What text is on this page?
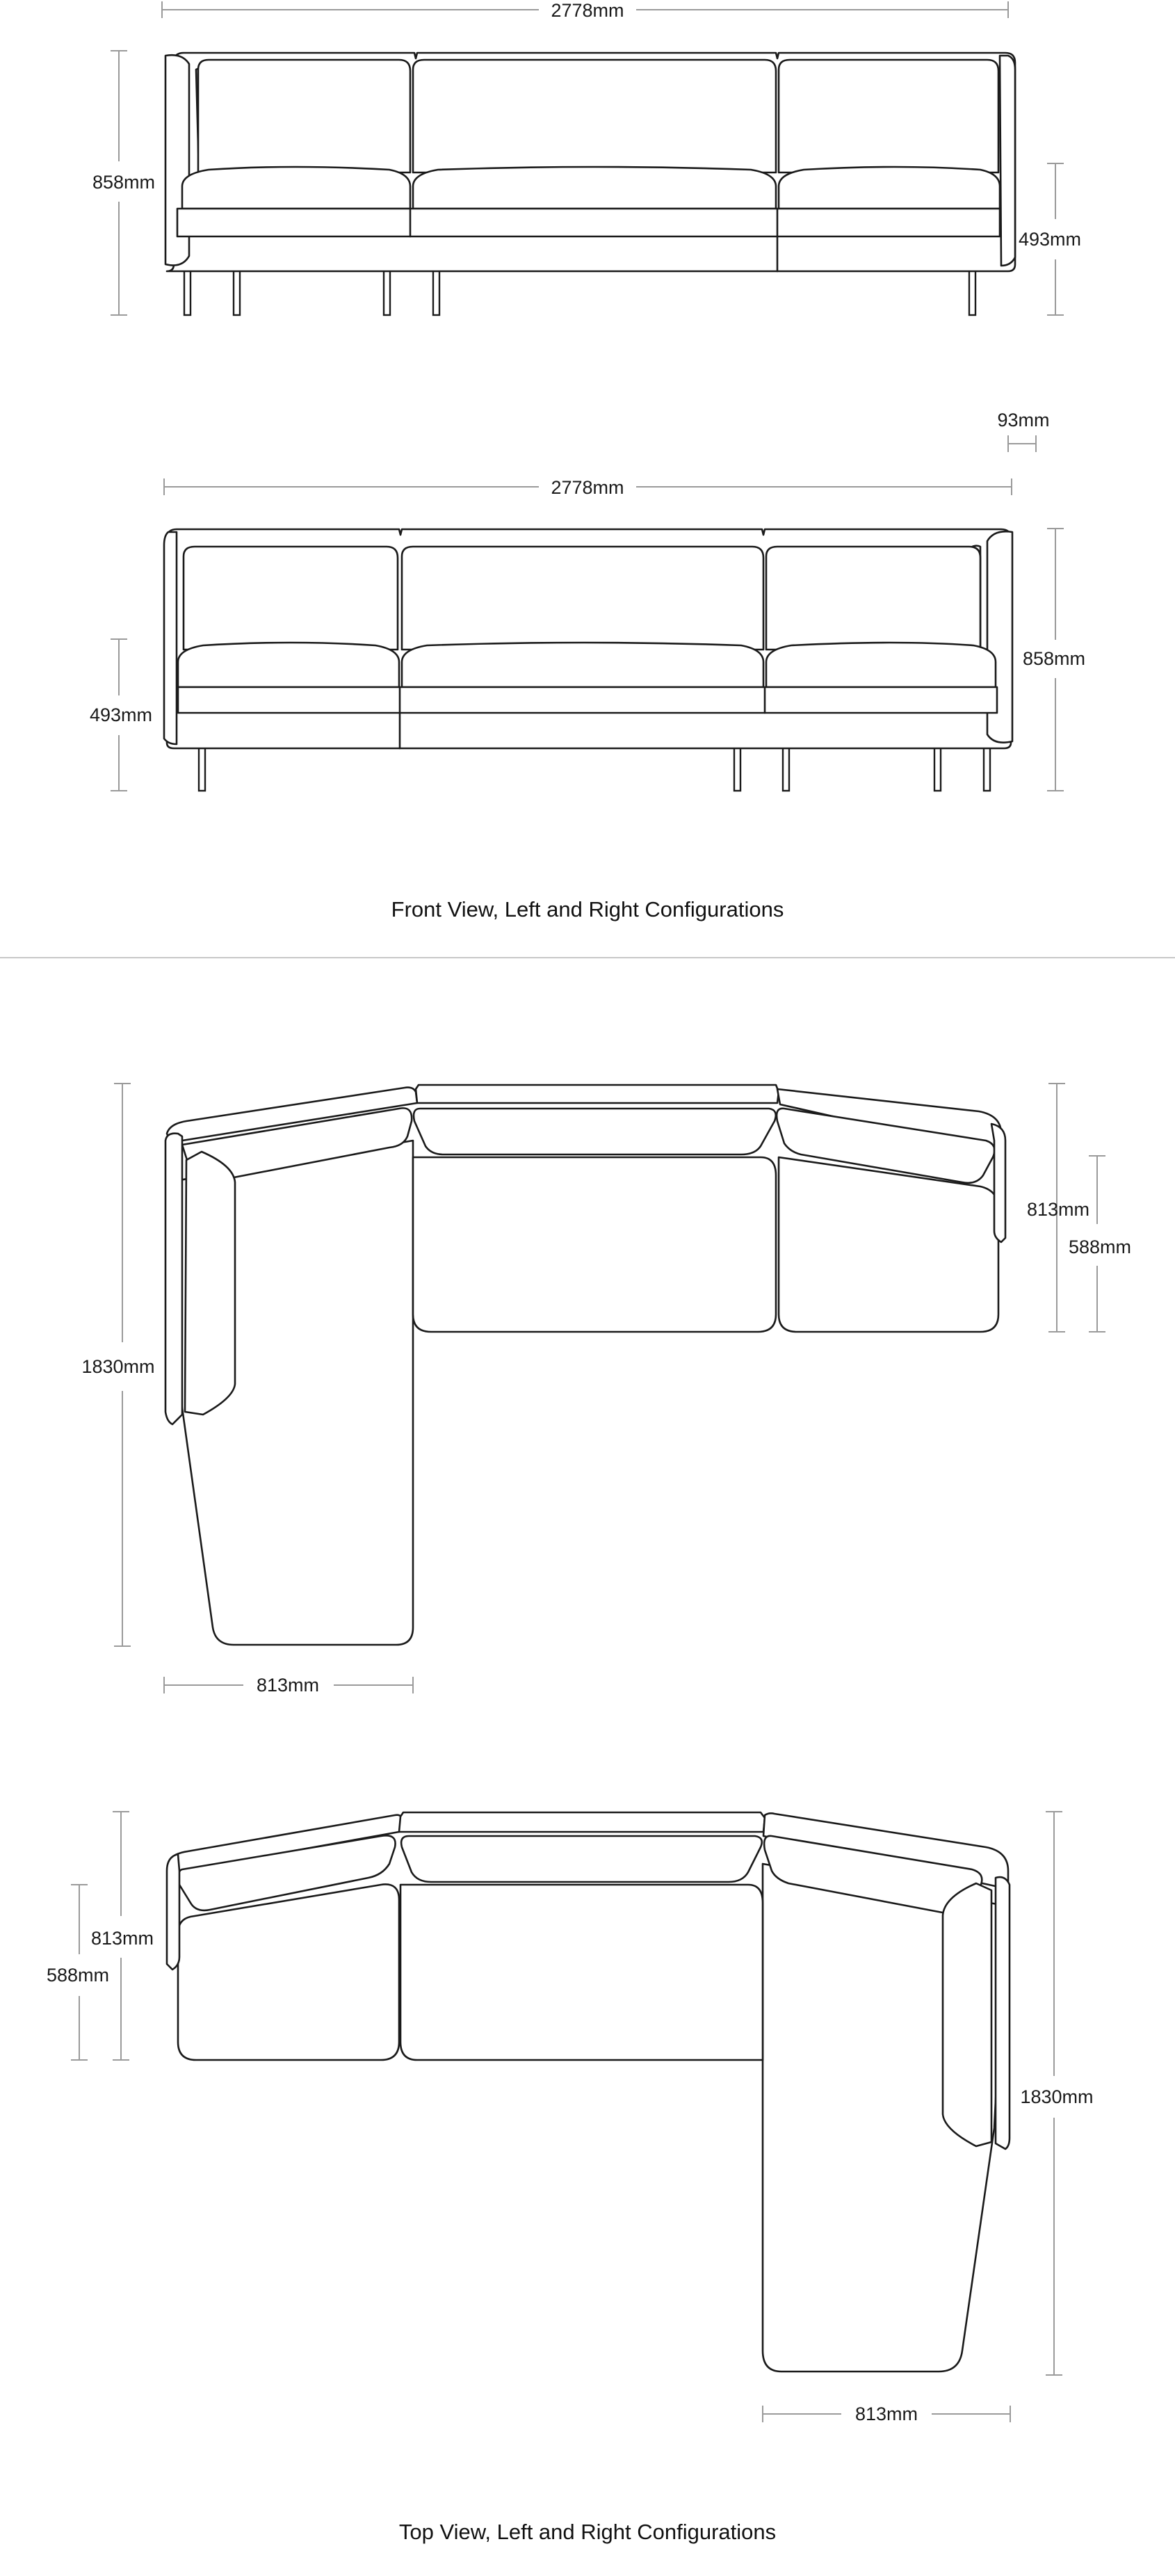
2778mm
858mm
493mm
93mm
2778mm
858mm
493mm
Front View, Left and Right Configurations
1830mm
813mm
813mm
588mm
813mm
588mm
1830mm
813mm
Top View, Left and Right Configurations
